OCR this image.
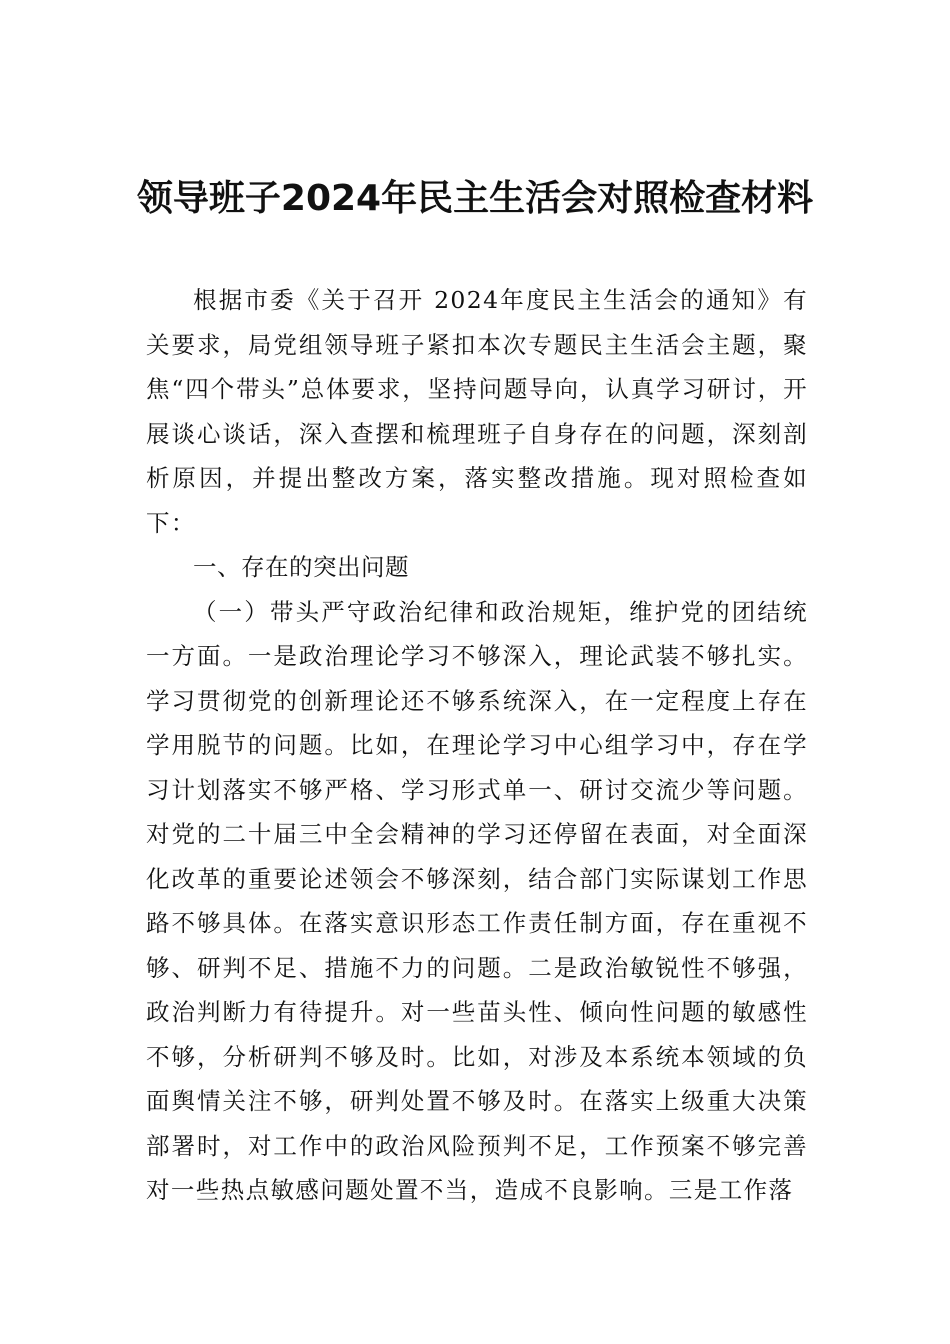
领导班子2024年民主生活会对照检查材料

根据市委《关于召开 2024年度民主生活会的通知》有关要求，局党组领导班子紧扣本次专题民主生活会主题，聚焦“四个带头”总体要求，坚持问题导向，认真学习研讨，开展谈心谈话，深入查摆和梳理班子自身存在的问题，深刻剖析原因，并提出整改方案，落实整改措施。现对照检查如下：

一、存在的突出问题

（一）带头严守政治纪律和政治规矩，维护党的团结统一方面。一是政治理论学习不够深入，理论武装不够扎实。学习贯彻党的创新理论还不够系统深入，在一定程度上存在学用脱节的问题。比如，在理论学习中心组学习中，存在学习计划落实不够严格、学习形式单一、研讨交流少等问题。对党的二十届三中全会精神的学习还停留在表面，对全面深化改革的重要论述领会不够深刻，结合部门实际谋划工作思路不够具体。在落实意识形态工作责任制方面，存在重视不够、研判不足、措施不力的问题。二是政治敏锐性不够强，政治判断力有待提升。对一些苗头性、倾向性问题的敏感性不够，分析研判不够及时。比如，对涉及本系统本领域的负面舆情关注不够，研判处置不够及时。在落实上级重大决策部署时，对工作中的政治风险预判不足，工作预案不够完善对一些热点敏感问题处置不当，造成不良影响。三是工作落
